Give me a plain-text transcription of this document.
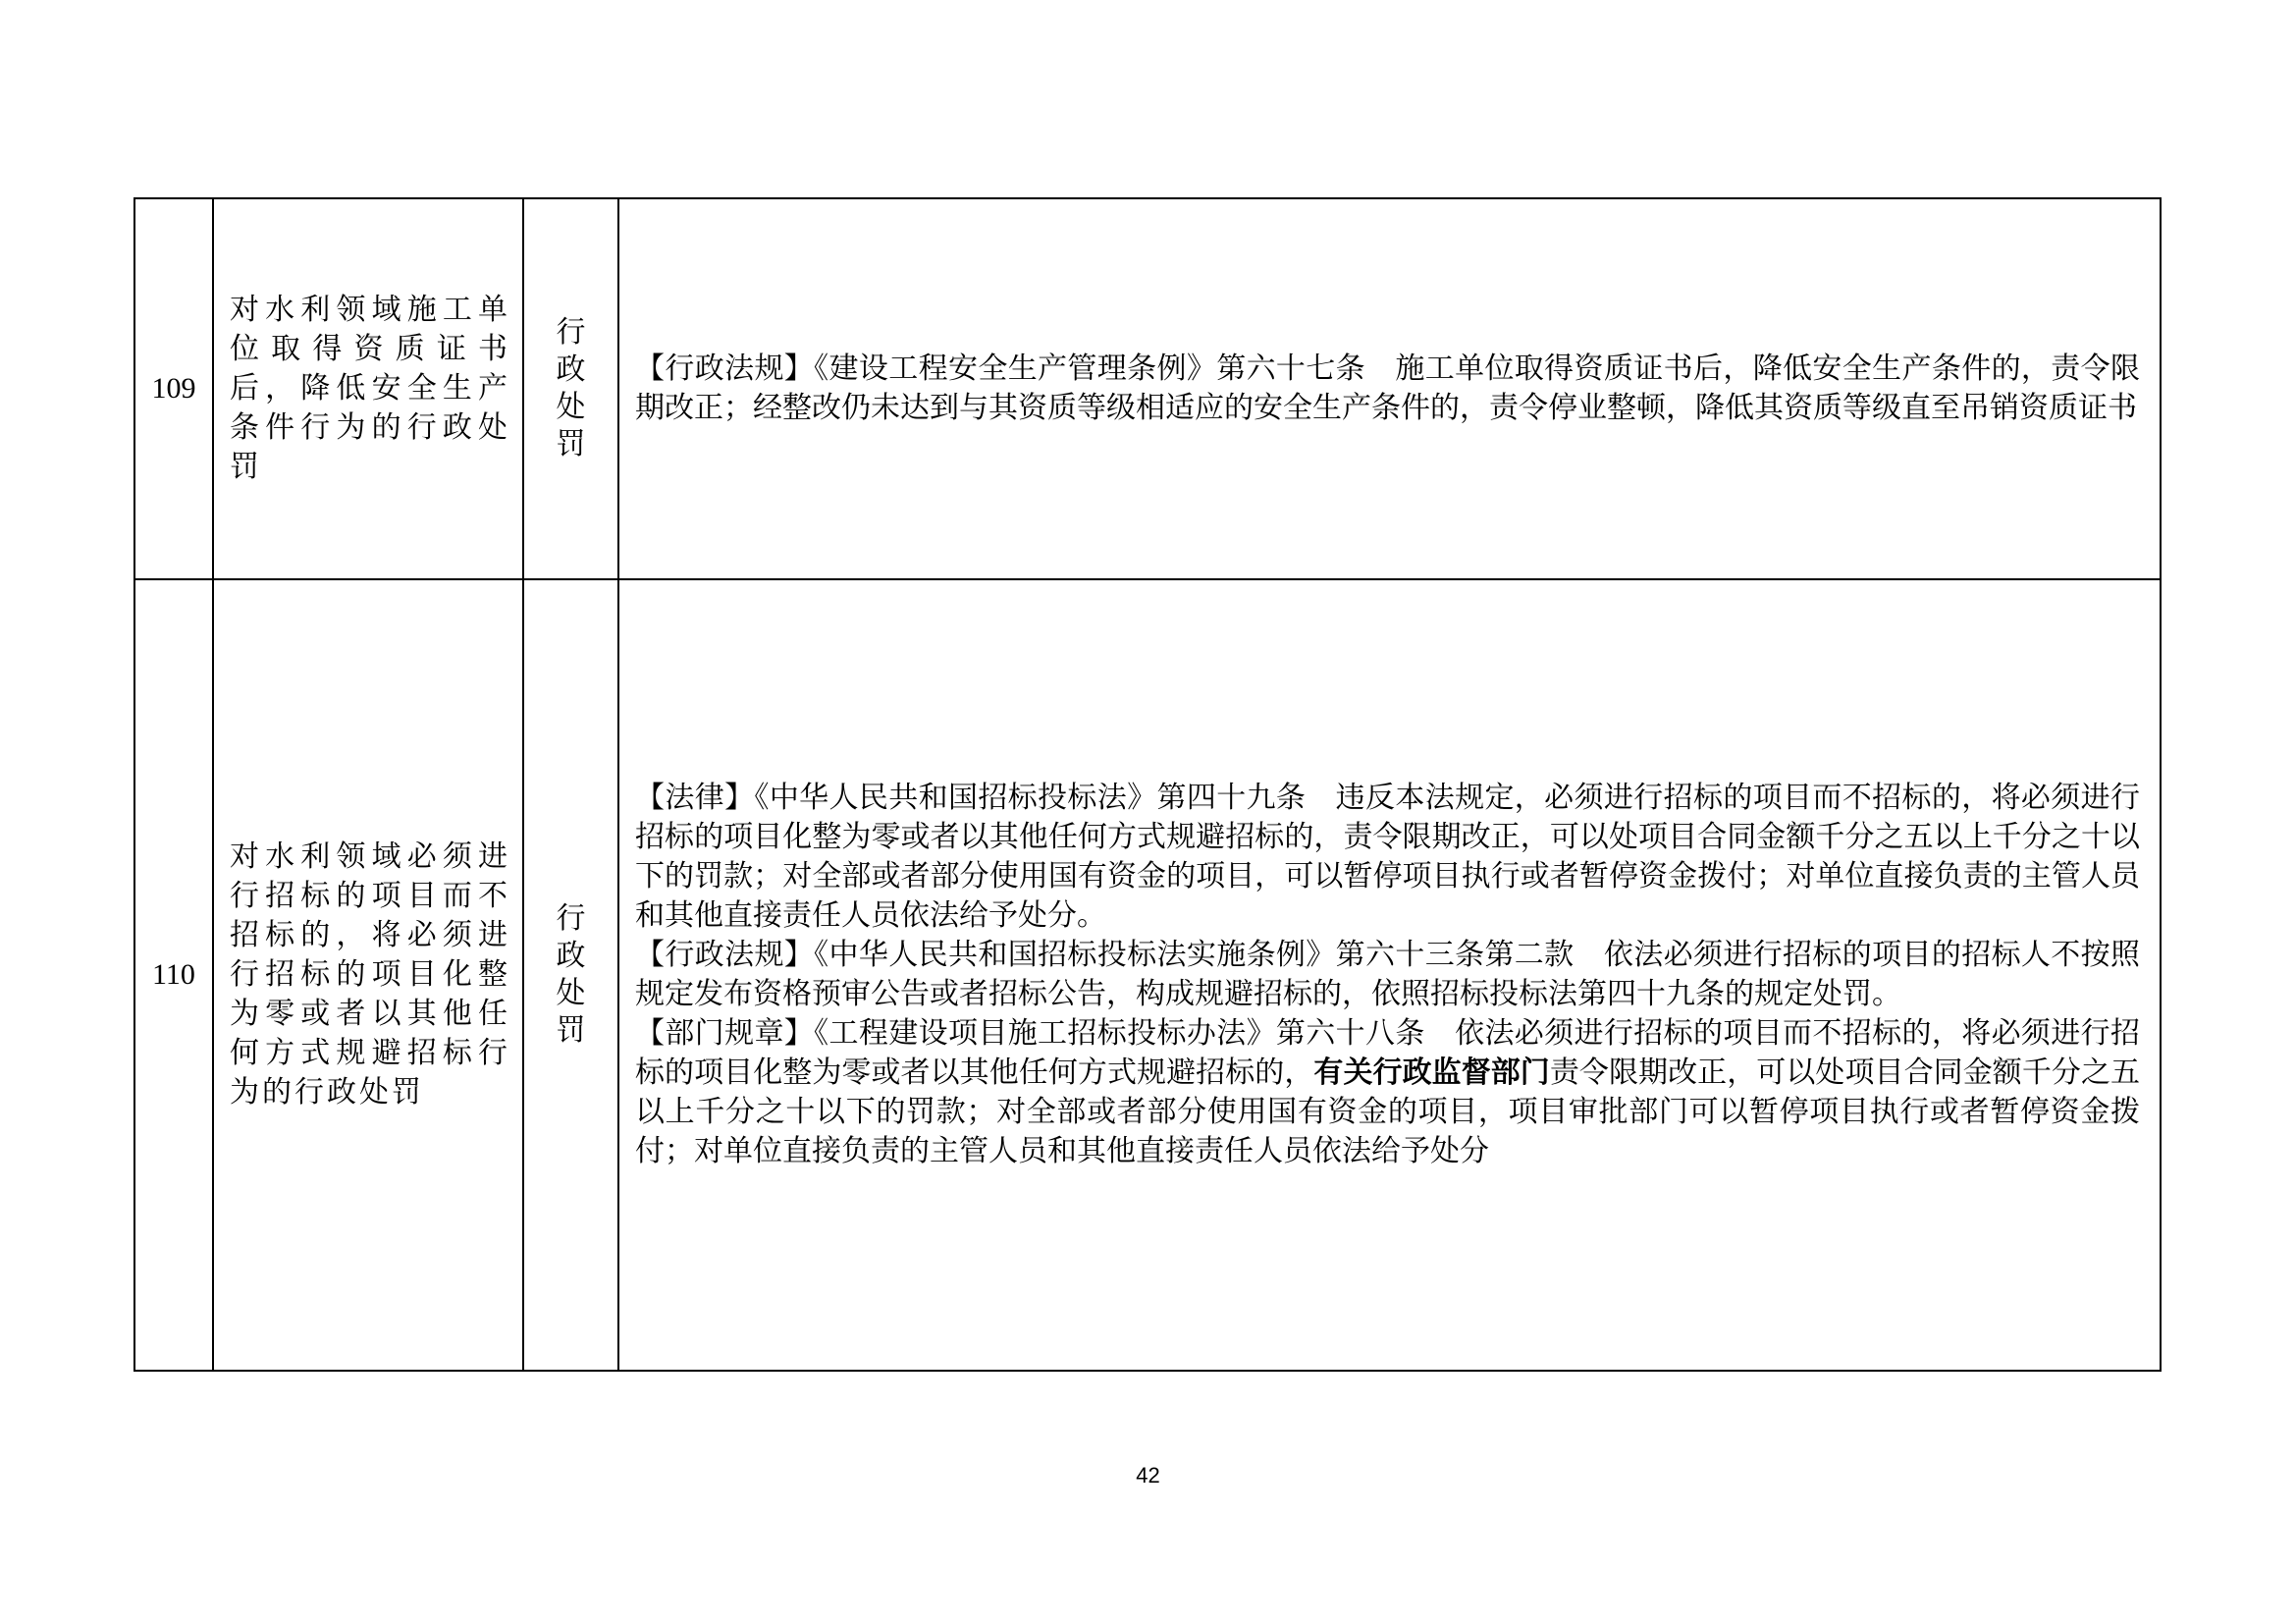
109	对水利领域施工单位取得资质证书后，降低安全生产条件行为的行政处罚	行政处罚	【行政法规】《建设工程安全生产管理条例》第六十七条　施工单位取得资质证书后，降低安全生产条件的，责令限期改正；经整改仍未达到与其资质等级相适应的安全生产条件的，责令停业整顿，降低其资质等级直至吊销资质证书

110	对水利领域必须进行招标的项目而不招标的，将必须进行招标的项目化整为零或者以其他任何方式规避招标行为的行政处罚	行政处罚	【法律】《中华人民共和国招标投标法》第四十九条　违反本法规定，必须进行招标的项目而不招标的，将必须进行招标的项目化整为零或者以其他任何方式规避招标的，责令限期改正，可以处项目合同金额千分之五以上千分之十以下的罚款；对全部或者部分使用国有资金的项目，可以暂停项目执行或者暂停资金拨付；对单位直接负责的主管人员和其他直接责任人员依法给予处分。

【行政法规】《中华人民共和国招标投标法实施条例》第六十三条第二款　依法必须进行招标的项目的招标人不按照规定发布资格预审公告或者招标公告，构成规避招标的，依照招标投标法第四十九条的规定处罚。

【部门规章】《工程建设项目施工招标投标办法》第六十八条　依法必须进行招标的项目而不招标的，将必须进行招标的项目化整为零或者以其他任何方式规避招标的，有关行政监督部门责令限期改正，可以处项目合同金额千分之五以上千分之十以下的罚款；对全部或者部分使用国有资金的项目，项目审批部门可以暂停项目执行或者暂停资金拨付；对单位直接负责的主管人员和其他直接责任人员依法给予处分

42
